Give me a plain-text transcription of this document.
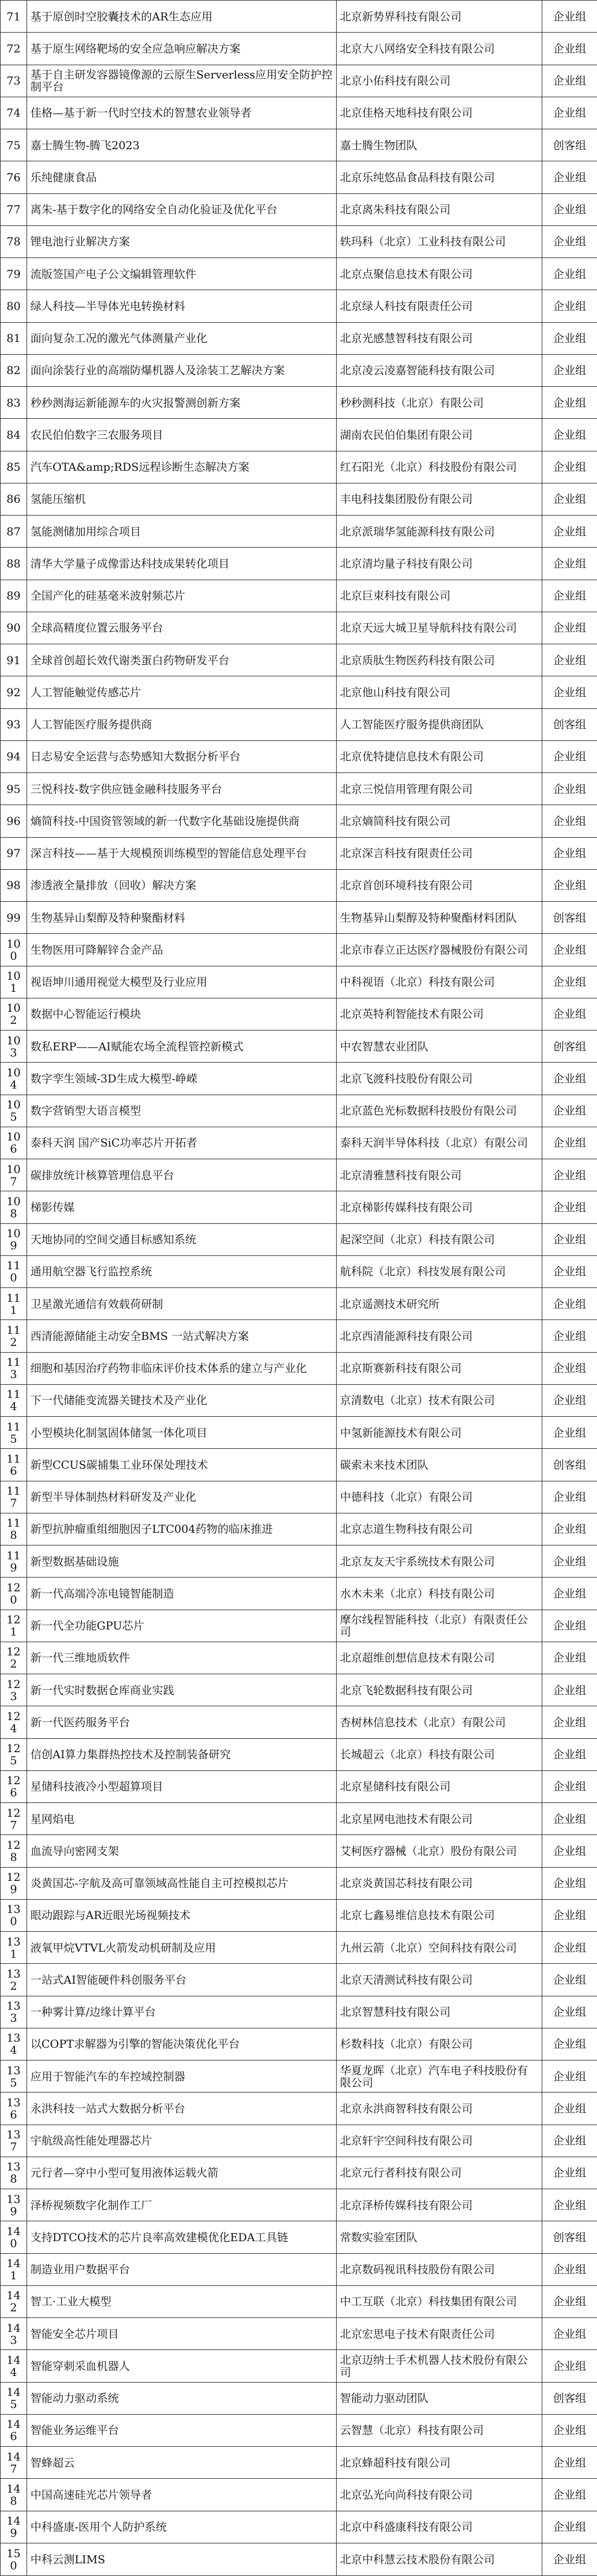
71	基于原创时空胶囊技术的AR生态应用	北京新势界科技有限公司	企业组
72	基于原生网络靶场的安全应急响应解决方案	北京大八网络安全科技有限公司	企业组
73	基于自主研发容器镜像源的云原生Serverless应用安全防护控制平台	北京小佑科技有限公司	企业组
74	佳格—基于新一代时空技术的智慧农业领导者	北京佳格天地科技有限公司	企业组
75	嘉士腾生物-腾飞2023	嘉士腾生物团队	创客组
76	乐纯健康食品	北京乐纯悠品食品科技有限公司	企业组
77	离朱-基于数字化的网络安全自动化验证及优化平台	北京离朱科技有限公司	企业组
78	锂电池行业解决方案	轶玛科（北京）工业科技有限公司	企业组
79	流版签国产电子公文编辑管理软件	北京点聚信息技术有限公司	企业组
80	绿人科技—半导体光电转换材料	北京绿人科技有限责任公司	企业组
81	面向复杂工况的激光气体测量产业化	北京光感慧智科技有限公司	企业组
82	面向涂装行业的高端防爆机器人及涂装工艺解决方案	北京凌云凌嘉智能科技有限公司	企业组
83	秒秒测海运新能源车的火灾报警测创新方案	秒秒测科技（北京）有限公司	企业组
84	农民伯伯数字三农服务项目	湖南农民伯伯集团有限公司	企业组
85	汽车OTA&amp;RDS远程诊断生态解决方案	红石阳光（北京）科技股份有限公司	企业组
86	氢能压缩机	丰电科技集团股份有限公司	企业组
87	氢能测储加用综合项目	北京派瑞华氢能源科技有限公司	企业组
88	清华大学量子成像雷达科技成果转化项目	北京清均量子科技有限公司	企业组
89	全国产化的硅基毫米波射频芯片	北京巨束科技有限公司	企业组
90	全球高精度位置云服务平台	北京天远大城卫星导航科技有限公司	企业组
91	全球首创超长效代谢类蛋白药物研发平台	北京质肽生物医药科技有限公司	企业组
92	人工智能触觉传感芯片	北京他山科技有限公司	企业组
93	人工智能医疗服务提供商	人工智能医疗服务提供商团队	创客组
94	日志易安全运营与态势感知大数据分析平台	北京优特捷信息技术有限公司	企业组
95	三悦科技-数字供应链金融科技服务平台	北京三悦信用管理有限公司	企业组
96	熵简科技-中国资管领域的新一代数字化基础设施提供商	北京熵简科技有限公司	企业组
97	深言科技——基于大规模预训练模型的智能信息处理平台	北京深言科技有限责任公司	企业组
98	渗透液全量排放（回收）解决方案	北京首创环境科技有限公司	企业组
99	生物基异山梨醇及特种聚酯材料	生物基异山梨醇及特种聚酯材料团队	创客组
100	生物医用可降解锌合金产品	北京市春立正达医疗器械股份有限公司	企业组
101	视语坤川通用视觉大模型及行业应用	中科视语（北京）科技有限公司	企业组
102	数据中心智能运行模块	北京英特利智能技术有限公司	企业组
103	数私ERP——AI赋能农场全流程管控新模式	中农智慧农业团队	创客组
104	数字孪生领域-3D生成大模型-峥嵘	北京飞渡科技股份有限公司	企业组
105	数字营销型大语言模型	北京蓝色光标数据科技股份有限公司	企业组
106	泰科天润 国产SiC功率芯片开拓者	泰科天润半导体科技（北京）有限公司	企业组
107	碳排放统计核算管理信息平台	北京清雅慧科技有限公司	企业组
108	梯影传媒	北京梯影传媒科技有限公司	企业组
109	天地协同的空间交通目标感知系统	起深空间（北京）科技有限公司	企业组
110	通用航空器飞行监控系统	航科院（北京）科技发展有限公司	企业组
111	卫星激光通信有效载荷研制	北京遥测技术研究所	企业组
112	西清能源储能主动安全BMS 一站式解决方案	北京西清能源科技有限公司	企业组
113	细胞和基因治疗药物非临床评价技术体系的建立与产业化	北京斯赛新科技有限公司	企业组
114	下一代储能变流器关键技术及产业化	京清数电（北京）技术有限公司	企业组
115	小型模块化制氢固体储氢一体化项目	中氢新能源技术有限公司	企业组
116	新型CCUS碳捕集工业环保处理技术	碳索未来技术团队	创客组
117	新型半导体制热材料研发及产业化	中德科技（北京）有限公司	企业组
118	新型抗肿瘤重组细胞因子LTC004药物的临床推进	北京志道生物科技有限公司	企业组
119	新型数据基础设施	北京友友天宇系统技术有限公司	企业组
120	新一代高端冷冻电镜智能制造	水木未来（北京）科技有限公司	企业组
121	新一代全功能GPU芯片	摩尔线程智能科技（北京）有限责任公司	企业组
122	新一代三维地质软件	北京超维创想信息技术有限公司	企业组
123	新一代实时数据仓库商业实践	北京飞轮数据科技有限公司	企业组
124	新一代医药服务平台	杏树林信息技术（北京）有限公司	企业组
125	信创AI算力集群热控技术及控制装备研究	长城超云（北京）科技有限公司	企业组
126	星储科技液冷小型超算项目	北京星储科技有限公司	企业组
127	星网焰电	北京星网电池技术有限公司	企业组
128	血流导向密网支架	艾柯医疗器械（北京）股份有限公司	企业组
129	炎黄国芯-字航及高可靠领域高性能自主可控模拟芯片	北京炎黄国芯科技有限公司	企业组
130	眼动跟踪与AR近眼光场视频技术	北京七鑫易维信息技术有限公司	企业组
131	液氧甲烷VTVL火箭发动机研制及应用	九州云箭（北京）空间科技有限公司	企业组
132	一站式AI智能硬件科创服务平台	北京天清测试科技有限公司	企业组
133	一种雾计算/边缘计算平台	北京智慧科技有限公司	企业组
134	以COPT求解器为引擎的智能决策优化平台	杉数科技（北京）有限公司	企业组
135	应用于智能汽车的车控域控制器	华夏龙晖（北京）汽车电子科技股份有限公司	企业组
136	永洪科技一站式大数据分析平台	北京永洪商智科技有限公司	企业组
137	宇航级高性能处理器芯片	北京轩宇空间科技有限公司	企业组
138	元行者—穿中小型可复用液体运载火箭	北京元行者科技有限公司	企业组
139	泽桥视频数字化制作工厂	北京泽桥传媒科技有限公司	企业组
140	支持DTCO技术的芯片良率高效建模优化EDA工具链	常数实验室团队	创客组
141	制造业用户数据平台	北京数码视讯科技股份有限公司	企业组
142	智工·工业大模型	中工互联（北京）科技集团有限公司	企业组
143	智能安全芯片项目	北京宏思电子技术有限责任公司	企业组
144	智能穿刺采血机器人	北京迈纳士手术机器人技术股份有限公司	企业组
145	智能动力驱动系统	智能动力驱动团队	创客组
146	智能业务运维平台	云智慧（北京）科技有限公司	企业组
147	智蜂超云	北京蜂超科技有限公司	企业组
148	中国高速硅光芯片领导者	北京弘光向尚科技有限公司	企业组
149	中科盛康-医用个人防护系统	北京中科盛康科技有限公司	企业组
150	中科云测LIMS	北京中科慧云技术股份有限公司	企业组
